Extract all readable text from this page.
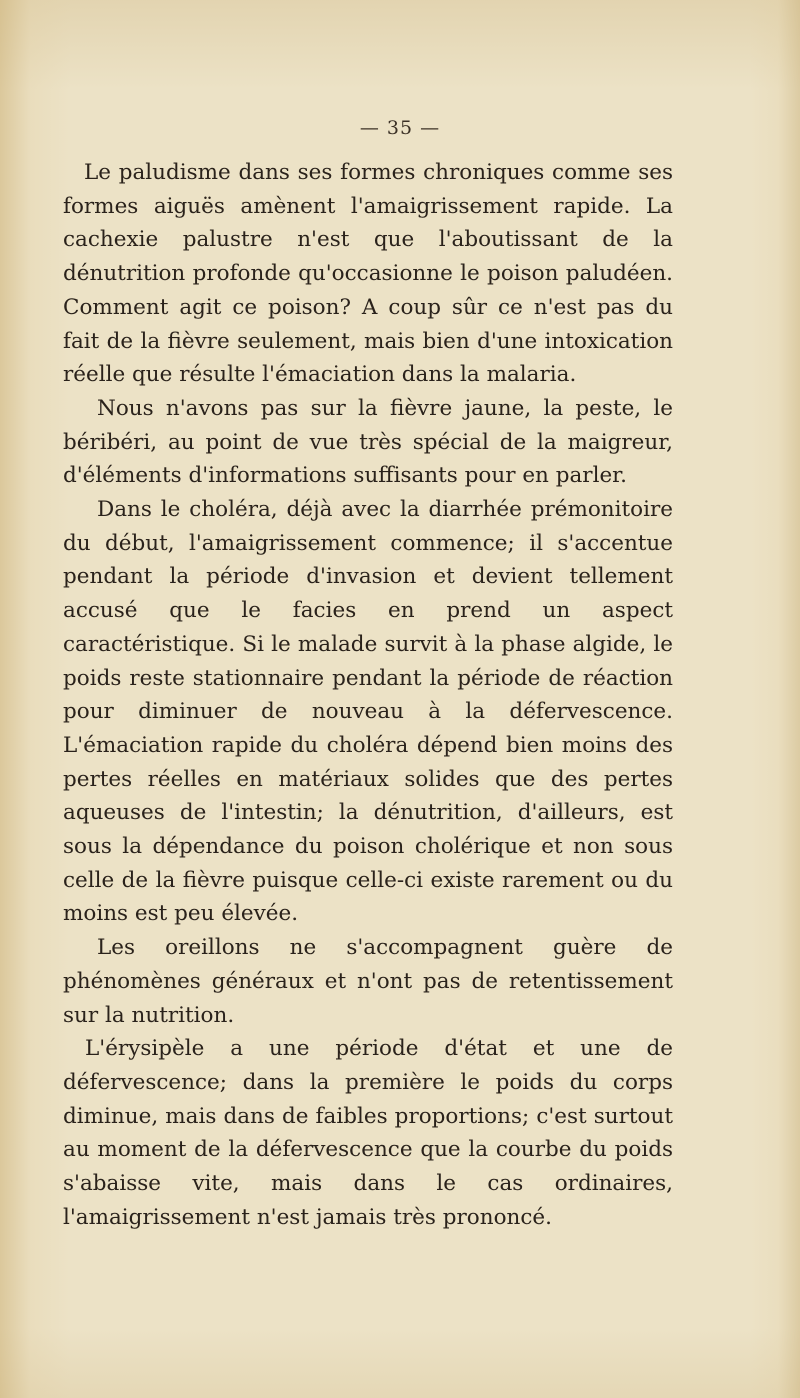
— 35 —

Le paludisme dans ses formes chroniques comme ses formes aiguës amènent l'amaigrissement rapide. La cachexie palustre n'est que l'aboutissant de la dénutrition profonde qu'occasionne le poison paludéen. Comment agit ce poison? A coup sûr ce n'est pas du fait de la fièvre seulement, mais bien d'une intoxication réelle que résulte l'émaciation dans la malaria.

Nous n'avons pas sur la fièvre jaune, la peste, le béribéri, au point de vue très spécial de la maigreur, d'éléments d'informations suffisants pour en parler.

Dans le choléra, déjà avec la diarrhée prémonitoire du début, l'amaigrissement commence; il s'accentue pendant la période d'invasion et devient tellement accusé que le facies en prend un aspect caractéristique. Si le malade survit à la phase algide, le poids reste stationnaire pendant la période de réaction pour diminuer de nouveau à la défervescence. L'émaciation rapide du choléra dépend bien moins des pertes réelles en matériaux solides que des pertes aqueuses de l'intestin; la dénutrition, d'ailleurs, est sous la dépendance du poison cholérique et non sous celle de la fièvre puisque celle-ci existe rarement ou du moins est peu élevée.

Les oreillons ne s'accompagnent guère de phénomènes généraux et n'ont pas de retentissement sur la nutrition.

L'érysipèle a une période d'état et une de défervescence; dans la première le poids du corps diminue, mais dans de faibles proportions; c'est surtout au moment de la défervescence que la courbe du poids s'abaisse vite, mais dans le cas ordinaires, l'amaigrissement n'est jamais très prononcé.
